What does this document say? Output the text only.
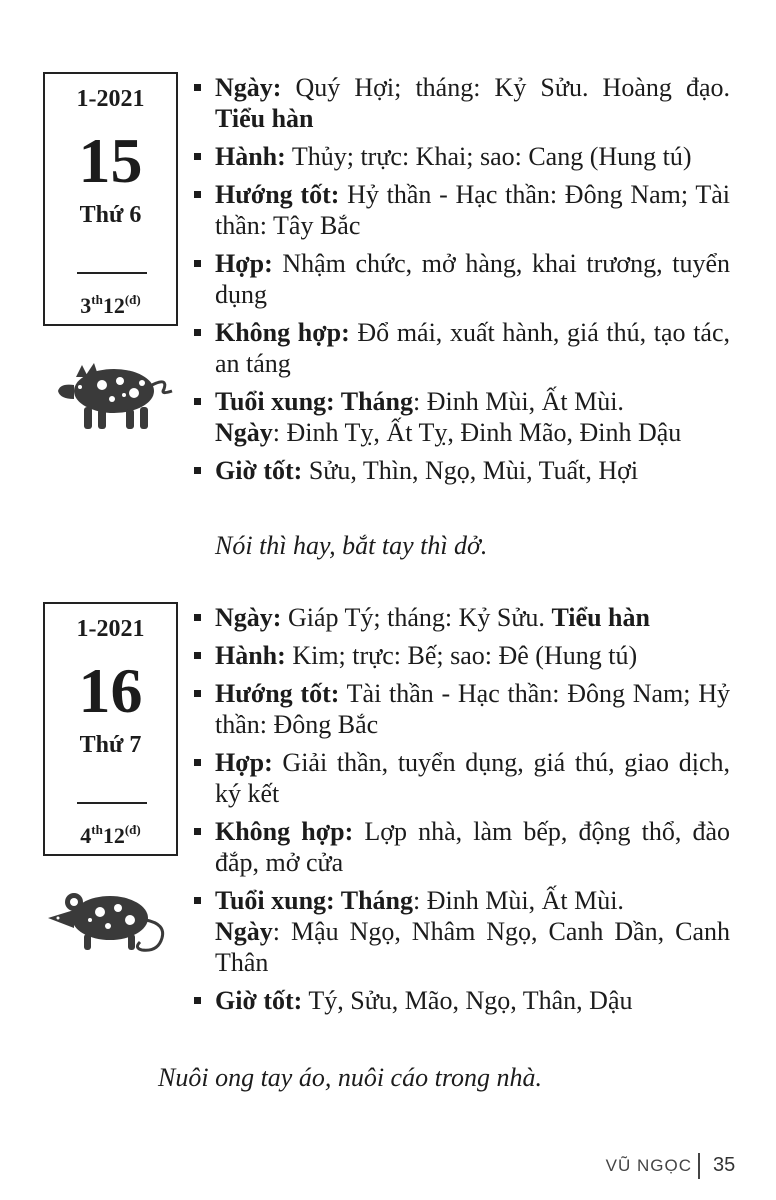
1-2021
15
Thứ 6
$3th12^{(đ)}$
Ngày: Quý Hợi; tháng: Kỷ Sửu. Hoàng đạo. Tiểu hàn
Hành: Thủy; trực: Khai; sao: Cang (Hung tú)
Hướng tốt: Hỷ thần - Hạc thần: Đông Nam; Tài thần: Tây Bắc
Hợp: Nhậm chức, mở hàng, khai trương, tuyển dụng
Không hợp: Đổ mái, xuất hành, giá thú, tạo tác, an táng
Tuổi xung: Tháng: Đinh Mùi, Ất Mùi.
Ngày: Đinh Tỵ, Ất Tỵ, Đinh Mão, Đinh Dậu
Giờ tốt: Sửu, Thìn, Ngọ, Mùi, Tuất, Hợi
Nói thì hay, bắt tay thì dở.
1-2021
16
Thứ 7
$4th12^{(đ)}$
Ngày: Giáp Tý; tháng: Kỷ Sửu. Tiểu hàn
Hành: Kim; trực: Bế; sao: Đê (Hung tú)
Hướng tốt: Tài thần - Hạc thần: Đông Nam; Hỷ thần: Đông Bắc
Hợp: Giải thần, tuyển dụng, giá thú, giao dịch, ký kết
Không hợp: Lợp nhà, làm bếp, động thổ, đào đắp, mở cửa
Tuổi xung: Tháng: Đinh Mùi, Ất Mùi.
Ngày: Mậu Ngọ, Nhâm Ngọ, Canh Dần, Canh Thân
Giờ tốt: Tý, Sửu, Mão, Ngọ, Thân, Dậu
Nuôi ong tay áo, nuôi cáo trong nhà.
VŨ NGỌC 35
